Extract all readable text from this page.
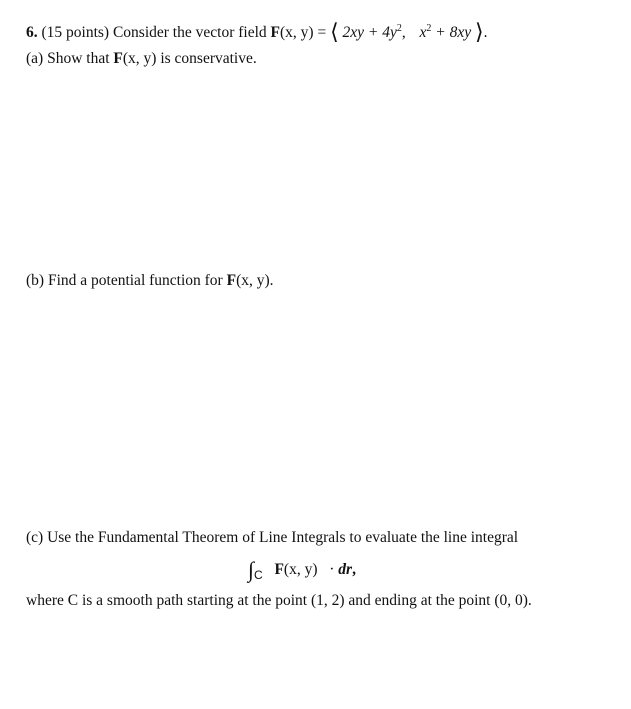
6. (15 points) Consider the vector field F(x, y) = ⟨ $2xy + 4y^2$, $x^2 + 8xy$ ⟩.
(a) Show that F(x, y) is conservative.
(b) Find a potential function for F(x, y).
(c) Use the Fundamental Theorem of Line Integrals to evaluate the line integral
$\int_C$ F(x, y) · dr,
where C is a smooth path starting at the point (1, 2) and ending at the point (0, 0).
